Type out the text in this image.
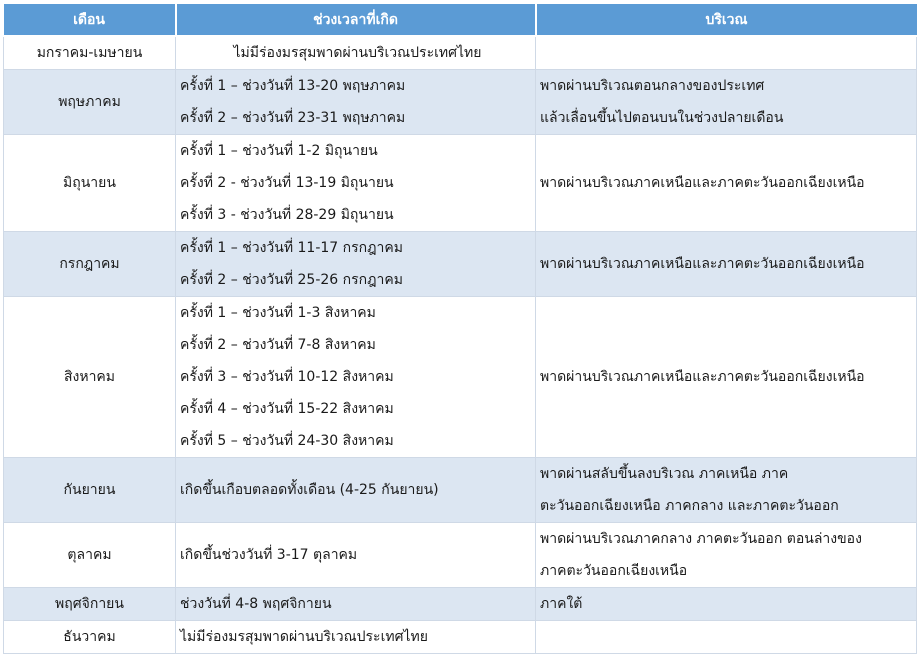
เดือน	ช่วงเวลาที่เกิด	บริเวณ

มกราคม-เมษายน	ไม่มีร่องมรสุมพาดผ่านบริเวณประเทศไทย	

พฤษภาคม	ครั้งที่ 1 – ช่วงวันที่ 13-20 พฤษภาคม
ครั้งที่ 2 – ช่วงวันที่ 23-31 พฤษภาคม	พาดผ่านบริเวณตอนกลางของประเทศ
แล้วเลื่อนขึ้นไปตอนบนในช่วงปลายเดือน

มิถุนายน	ครั้งที่ 1 – ช่วงวันที่ 1-2 มิถุนายน
ครั้งที่ 2 - ช่วงวันที่ 13-19 มิถุนายน
ครั้งที่ 3 - ช่วงวันที่ 28-29 มิถุนายน	พาดผ่านบริเวณภาคเหนือและภาคตะวันออกเฉียงเหนือ

กรกฎาคม	ครั้งที่ 1 – ช่วงวันที่ 11-17 กรกฎาคม
ครั้งที่ 2 – ช่วงวันที่ 25-26 กรกฎาคม	พาดผ่านบริเวณภาคเหนือและภาคตะวันออกเฉียงเหนือ

สิงหาคม	ครั้งที่ 1 – ช่วงวันที่ 1-3 สิงหาคม
ครั้งที่ 2 – ช่วงวันที่ 7-8 สิงหาคม
ครั้งที่ 3 – ช่วงวันที่ 10-12 สิงหาคม
ครั้งที่ 4 – ช่วงวันที่ 15-22 สิงหาคม
ครั้งที่ 5 – ช่วงวันที่ 24-30 สิงหาคม	พาดผ่านบริเวณภาคเหนือและภาคตะวันออกเฉียงเหนือ

กันยายน	เกิดขึ้นเกือบตลอดทั้งเดือน (4-25 กันยายน)	พาดผ่านสลับขึ้นลงบริเวณ ภาคเหนือ ภาค
ตะวันออกเฉียงเหนือ ภาคกลาง และภาคตะวันออก

ตุลาคม	เกิดขึ้นช่วงวันที่ 3-17 ตุลาคม	พาดผ่านบริเวณภาคกลาง ภาคตะวันออก ตอนล่างของ
ภาคตะวันออกเฉียงเหนือ

พฤศจิกายน	ช่วงวันที่ 4-8 พฤศจิกายน	ภาคใต้

ธันวาคม	ไม่มีร่องมรสุมพาดผ่านบริเวณประเทศไทย	
